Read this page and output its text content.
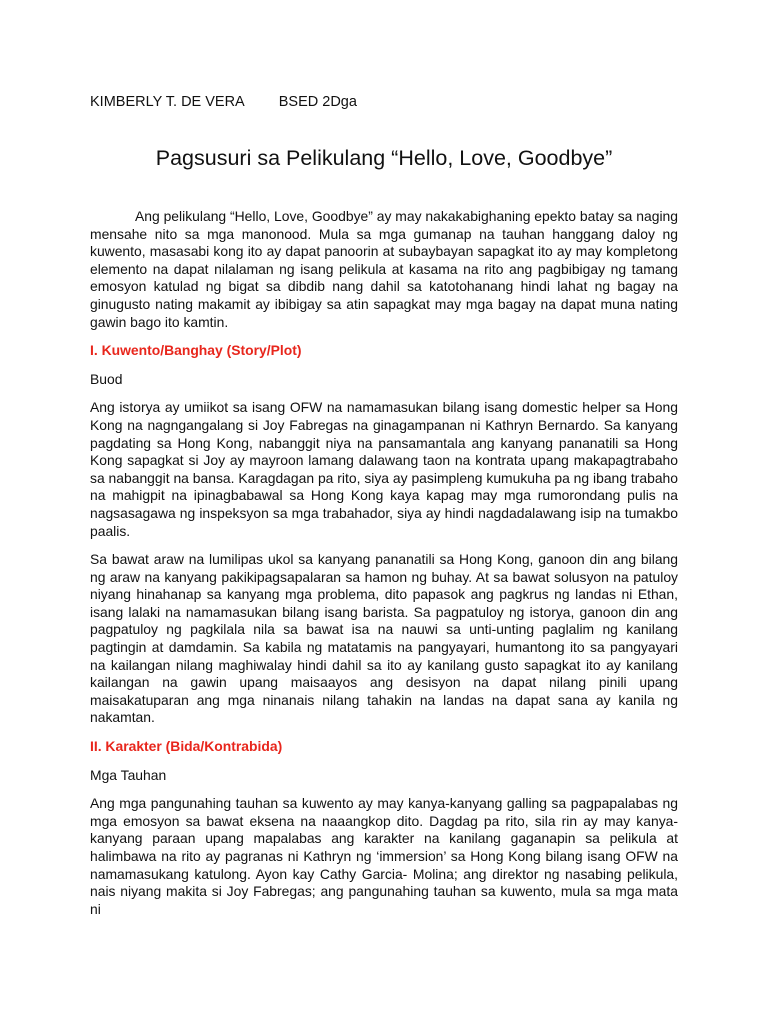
KIMBERLY T. DE VERA BSED 2Dga

Pagsusuri sa Pelikulang “Hello, Love, Goodbye”

Ang pelikulang “Hello, Love, Goodbye” ay may nakakabighaning epekto batay sa naging mensahe nito sa mga manonood. Mula sa mga gumanap na tauhan hanggang daloy ng kuwento, masasabi kong ito ay dapat panoorin at subaybayan sapagkat ito ay may kompletong elemento na dapat nilalaman ng isang pelikula at kasama na rito ang pagbibigay ng tamang emosyon katulad ng bigat sa dibdib nang dahil sa katotohanang hindi lahat ng bagay na ginugusto nating makamit ay ibibigay sa atin sapagkat may mga bagay na dapat muna nating gawin bago ito kamtin.

I. Kuwento/Banghay (Story/Plot)

Buod

Ang istorya ay umiikot sa isang OFW na namamasukan bilang isang domestic helper sa Hong Kong na nagngangalang si Joy Fabregas na ginagampanan ni Kathryn Bernardo. Sa kanyang pagdating sa Hong Kong, nabanggit niya na pansamantala ang kanyang pananatili sa Hong Kong sapagkat si Joy ay mayroon lamang dalawang taon na kontrata upang makapagtrabaho sa nabanggit na bansa. Karagdagan pa rito, siya ay pasimpleng kumukuha pa ng ibang trabaho na mahigpit na ipinagbabawal sa Hong Kong kaya kapag may mga rumorondang pulis na nagsasagawa ng inspeksyon sa mga trabahador, siya ay hindi nagdadalawang isip na tumakbo paalis.

Sa bawat araw na lumilipas ukol sa kanyang pananatili sa Hong Kong, ganoon din ang bilang ng araw na kanyang pakikipagsapalaran sa hamon ng buhay. At sa bawat solusyon na patuloy niyang hinahanap sa kanyang mga problema, dito papasok ang pagkrus ng landas ni Ethan, isang lalaki na namamasukan bilang isang barista. Sa pagpatuloy ng istorya, ganoon din ang pagpatuloy ng pagkilala nila sa bawat isa na nauwi sa unti-unting paglalim ng kanilang pagtingin at damdamin. Sa kabila ng matatamis na pangyayari, humantong ito sa pangyayari na kailangan nilang maghiwalay hindi dahil sa ito ay kanilang gusto sapagkat ito ay kanilang kailangan na gawin upang maisaayos ang desisyon na dapat nilang pinili upang maisakatuparan ang mga ninanais nilang tahakin na landas na dapat sana ay kanila ng nakamtan.

II. Karakter (Bida/Kontrabida)

Mga Tauhan

Ang mga pangunahing tauhan sa kuwento ay may kanya-kanyang galling sa pagpapalabas ng mga emosyon sa bawat eksena na naaangkop dito. Dagdag pa rito, sila rin ay may kanya-kanyang paraan upang mapalabas ang karakter na kanilang gaganapin sa pelikula at halimbawa na rito ay pagranas ni Kathryn ng ‘immersion’ sa Hong Kong bilang isang OFW na namamasukang katulong. Ayon kay Cathy Garcia- Molina; ang direktor ng nasabing pelikula, nais niyang makita si Joy Fabregas; ang pangunahing tauhan sa kuwento, mula sa mga mata ni
